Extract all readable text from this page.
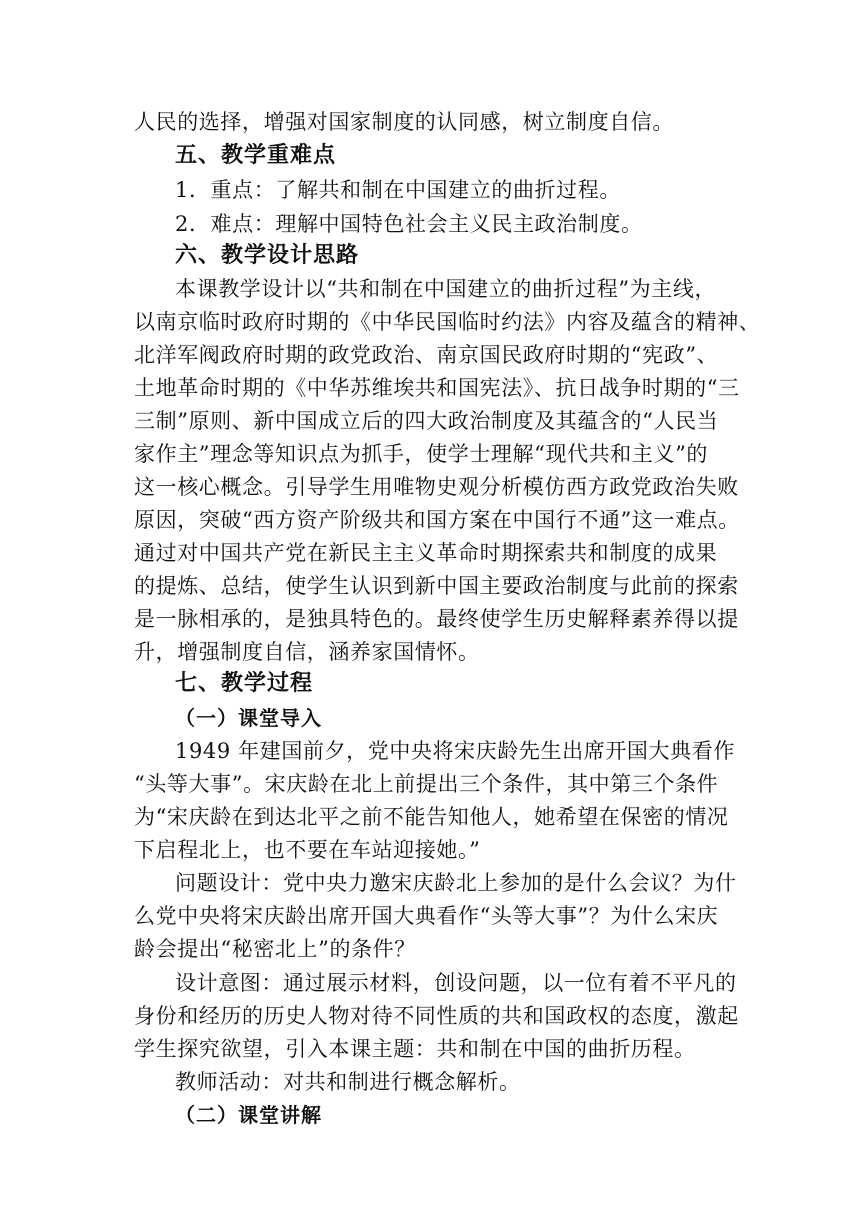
人民的选择，增强对国家制度的认同感，树立制度自信。
五、教学重难点
1．重点：了解共和制在中国建立的曲折过程。
2．难点：理解中国特色社会主义民主政治制度。
六、教学设计思路
本课教学设计以“共和制在中国建立的曲折过程”为主线，
以南京临时政府时期的《中华民国临时约法》内容及蕴含的精神、
北洋军阀政府时期的政党政治、南京国民政府时期的“宪政”、
土地革命时期的《中华苏维埃共和国宪法》、抗日战争时期的“三
三制”原则、新中国成立后的四大政治制度及其蕴含的“人民当
家作主”理念等知识点为抓手，使学士理解“现代共和主义”的
这一核心概念。引导学生用唯物史观分析模仿西方政党政治失败
原因，突破“西方资产阶级共和国方案在中国行不通”这一难点。
通过对中国共产党在新民主主义革命时期探索共和制度的成果
的提炼、总结，使学生认识到新中国主要政治制度与此前的探索
是一脉相承的，是独具特色的。最终使学生历史解释素养得以提
升，增强制度自信，涵养家国情怀。
七、教学过程
（一）课堂导入
1949 年建国前夕，党中央将宋庆龄先生出席开国大典看作
“头等大事”。宋庆龄在北上前提出三个条件，其中第三个条件
为“宋庆龄在到达北平之前不能告知他人，她希望在保密的情况
下启程北上，也不要在车站迎接她。”
问题设计：党中央力邀宋庆龄北上参加的是什么会议？为什
么党中央将宋庆龄出席开国大典看作“头等大事”？为什么宋庆
龄会提出“秘密北上”的条件？
设计意图：通过展示材料，创设问题，以一位有着不平凡的
身份和经历的历史人物对待不同性质的共和国政权的态度，激起
学生探究欲望，引入本课主题：共和制在中国的曲折历程。
教师活动：对共和制进行概念解析。
（二）课堂讲解
